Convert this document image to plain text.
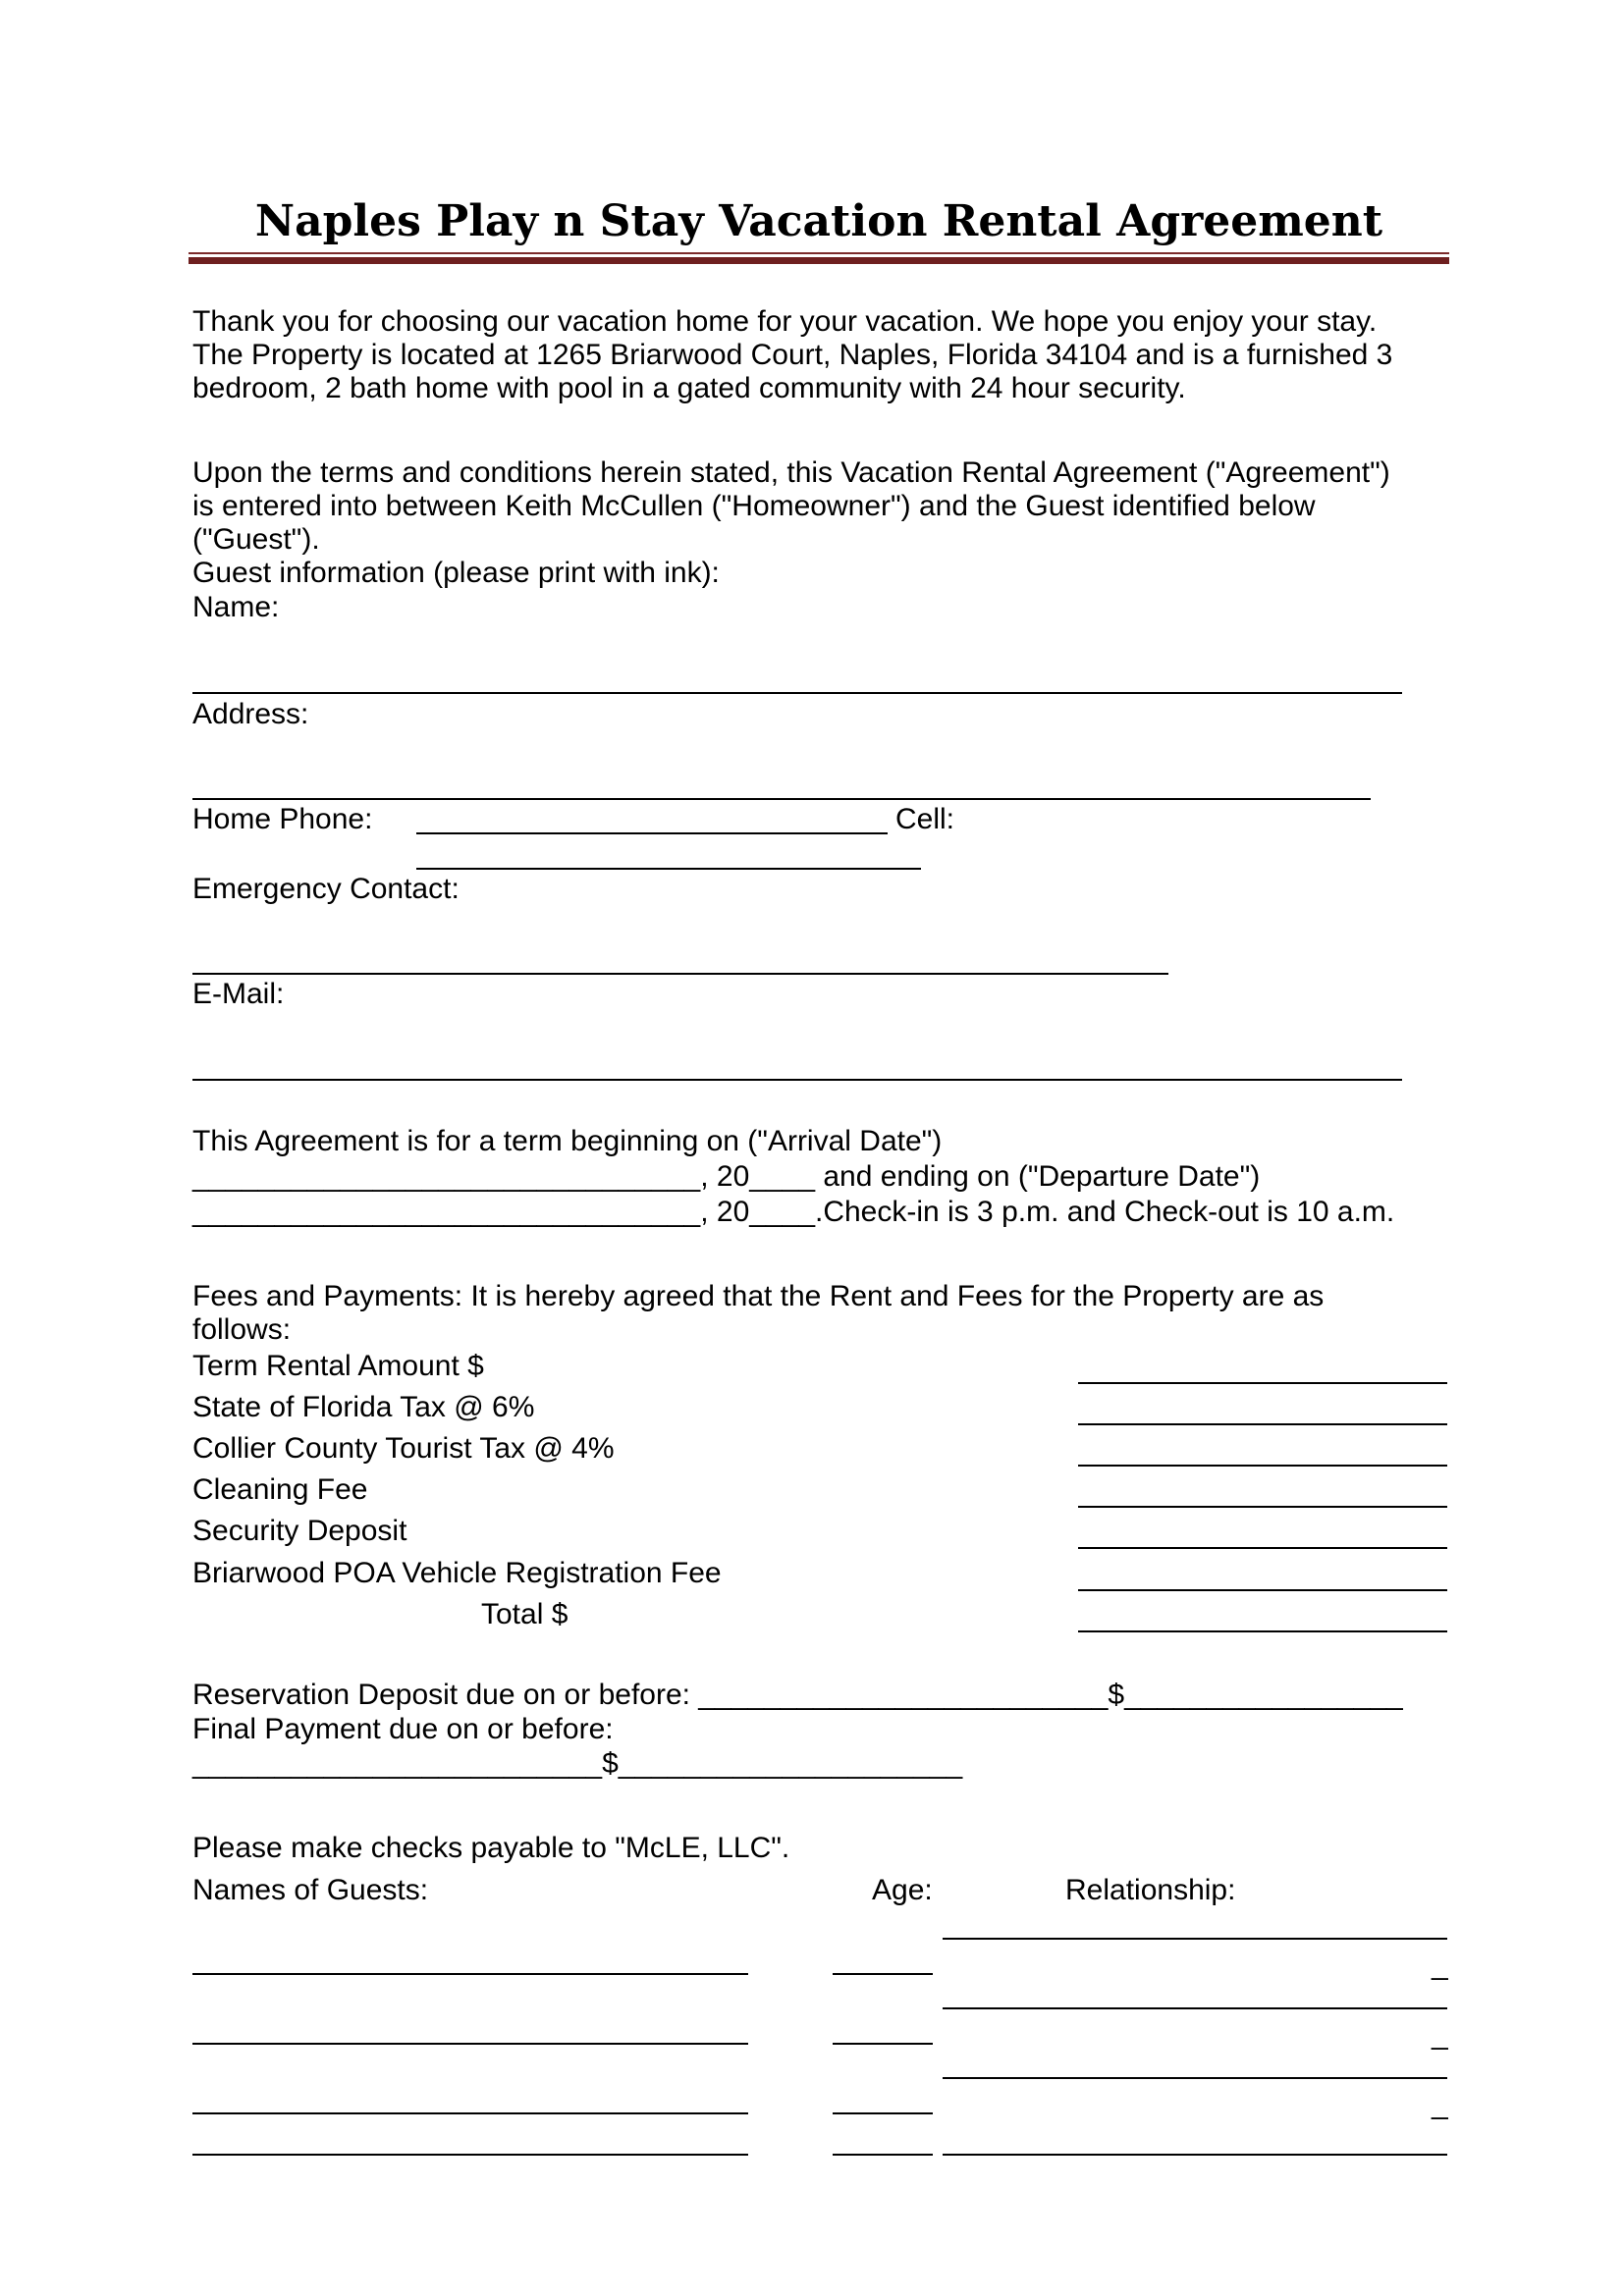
Naples Play n Stay Vacation Rental Agreement
Thank you for choosing our vacation home for your vacation. We hope you enjoy your stay.
The Property is located at 1265 Briarwood Court, Naples, Florida 34104 and is a furnished 3
bedroom, 2 bath home with pool in a gated community with 24 hour security.
Upon the terms and conditions herein stated, this Vacation Rental Agreement ("Agreement")
is entered into between Keith McCullen ("Homeowner") and the Guest identified below
("Guest").
Guest information (please print with ink):
Name:
Address:
Home Phone:	Cell:
Emergency Contact:
E-Mail:
This Agreement is for a term beginning on ("Arrival Date")
_______________________________, 20____ and ending on ("Departure Date")
_______________________________, 20____.Check-in is 3 p.m. and Check-out is 10 a.m.
Fees and Payments: It is hereby agreed that the Rent and Fees for the Property are as
follows:
Term Rental Amount $
State of Florida Tax @ 6%
Collier County Tourist Tax @ 4%
Cleaning Fee
Security Deposit
Briarwood POA Vehicle Registration Fee
Total $
Reservation Deposit due on or before: _________________________$_________________
Final Payment due on or before:
_________________________$_____________________
Please make checks payable to "McLE, LLC".
Names of Guests:	Age:	Relationship:
_
_
_
